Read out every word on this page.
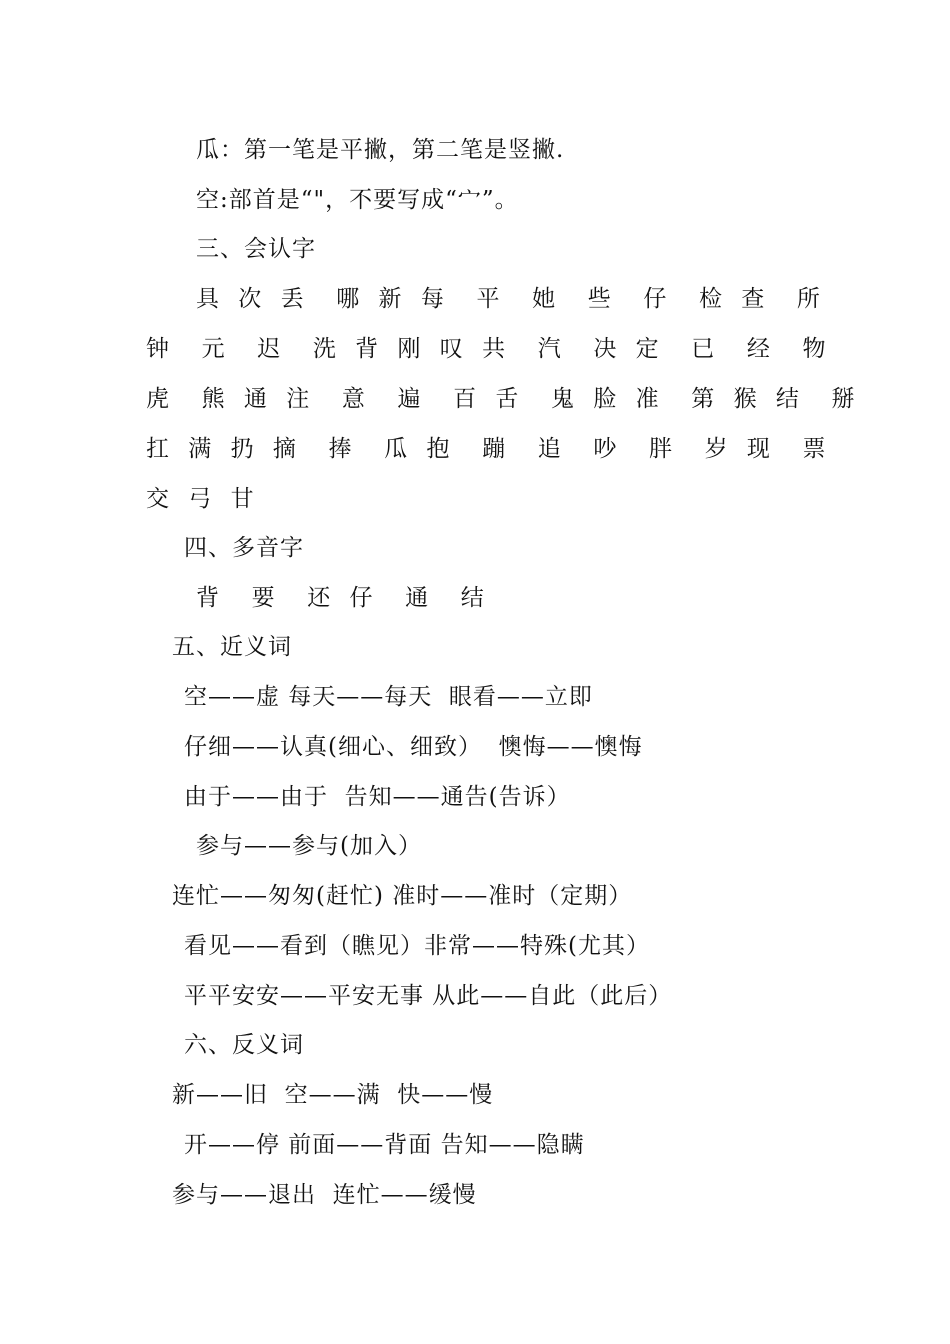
瓜：第一笔是平撇，第二笔是竖撇.
空:部首是“"，不要写成“宀”。
三、会认字
具 次 丢  哪 新 每  平  她  些  仔  检 查  所
钟  元  迟  洗 背 刚 叹 共  汽  决 定  已  经  物
虎  熊 通 注  意  遍  百 舌  鬼 脸 准  第 猴 结  掰
扛 满 扔 摘  捧  瓜 抱  蹦  追  吵  胖  岁 现  票
交 弓 甘
四、多音字
背  要  还 仔  通  结
五、近义词
空——虚 每天——每天  眼看——立即
仔细——认真(细心、细致）  懊悔——懊悔
由于——由于  告知——通告(告诉）
参与——参与(加入）
连忙——匆匆(赶忙) 准时——准时（定期）
看见——看到（瞧见）非常——特殊(尤其）
平平安安——平安无事 从此——自此（此后）
六、反义词
新——旧  空——满  快——慢
开——停 前面——背面 告知——隐瞒
参与——退出  连忙——缓慢
